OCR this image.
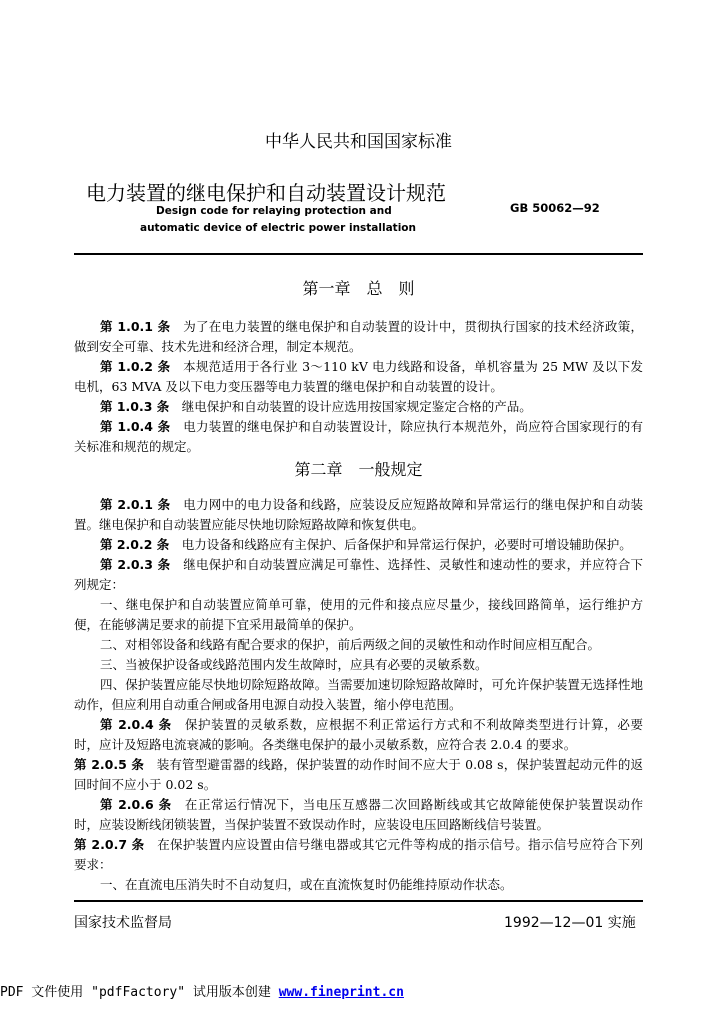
中华人民共和国国家标准
电力装置的继电保护和自动装置设计规范
Design code for relaying protection and
automatic device of electric power installation
GB 50062—92
第一章　总　则
第 1.0.1 条　为了在电力装置的继电保护和自动装置的设计中，贯彻执行国家的技术经济政策，做到安全可靠、技术先进和经济合理，制定本规范。
第 1.0.2 条　本规范适用于各行业 3～110 kV 电力线路和设备，单机容量为 25 MW 及以下发电机，63 MVA 及以下电力变压器等电力装置的继电保护和自动装置的设计。
第 1.0.3 条　继电保护和自动装置的设计应选用按国家规定鉴定合格的产品。
第 1.0.4 条　电力装置的继电保护和自动装置设计，除应执行本规范外，尚应符合国家现行的有关标准和规范的规定。
第二章　一般规定
第 2.0.1 条　电力网中的电力设备和线路，应装设反应短路故障和异常运行的继电保护和自动装置。继电保护和自动装置应能尽快地切除短路故障和恢复供电。
第 2.0.2 条　电力设备和线路应有主保护、后备保护和异常运行保护，必要时可增设辅助保护。
第 2.0.3 条　继电保护和自动装置应满足可靠性、选择性、灵敏性和速动性的要求，并应符合下列规定：
一、继电保护和自动装置应简单可靠，使用的元件和接点应尽量少，接线回路简单，运行维护方便，在能够满足要求的前提下宜采用最简单的保护。
二、对相邻设备和线路有配合要求的保护，前后两级之间的灵敏性和动作时间应相互配合。
三、当被保护设备或线路范围内发生故障时，应具有必要的灵敏系数。
四、保护装置应能尽快地切除短路故障。当需要加速切除短路故障时，可允许保护装置无选择性地动作，但应利用自动重合闸或备用电源自动投入装置，缩小停电范围。
第 2.0.4 条　保护装置的灵敏系数，应根据不利正常运行方式和不利故障类型进行计算，必要时，应计及短路电流衰减的影响。各类继电保护的最小灵敏系数，应符合表 2.0.4 的要求。
第 2.0.5 条　装有管型避雷器的线路，保护装置的动作时间不应大于 0.08 s，保护装置起动元件的返回时间不应小于 0.02 s。
第 2.0.6 条　在正常运行情况下，当电压互感器二次回路断线或其它故障能使保护装置误动作时，应装设断线闭锁装置，当保护装置不致误动作时，应装设电压回路断线信号装置。
第 2.0.7 条　在保护装置内应设置由信号继电器或其它元件等构成的指示信号。指示信号应符合下列要求：
一、在直流电压消失时不自动复归，或在直流恢复时仍能维持原动作状态。
国家技术监督局	1992—12—01 实施
PDF 文件使用 "pdfFactory" 试用版本创建 www.fineprint.cn
